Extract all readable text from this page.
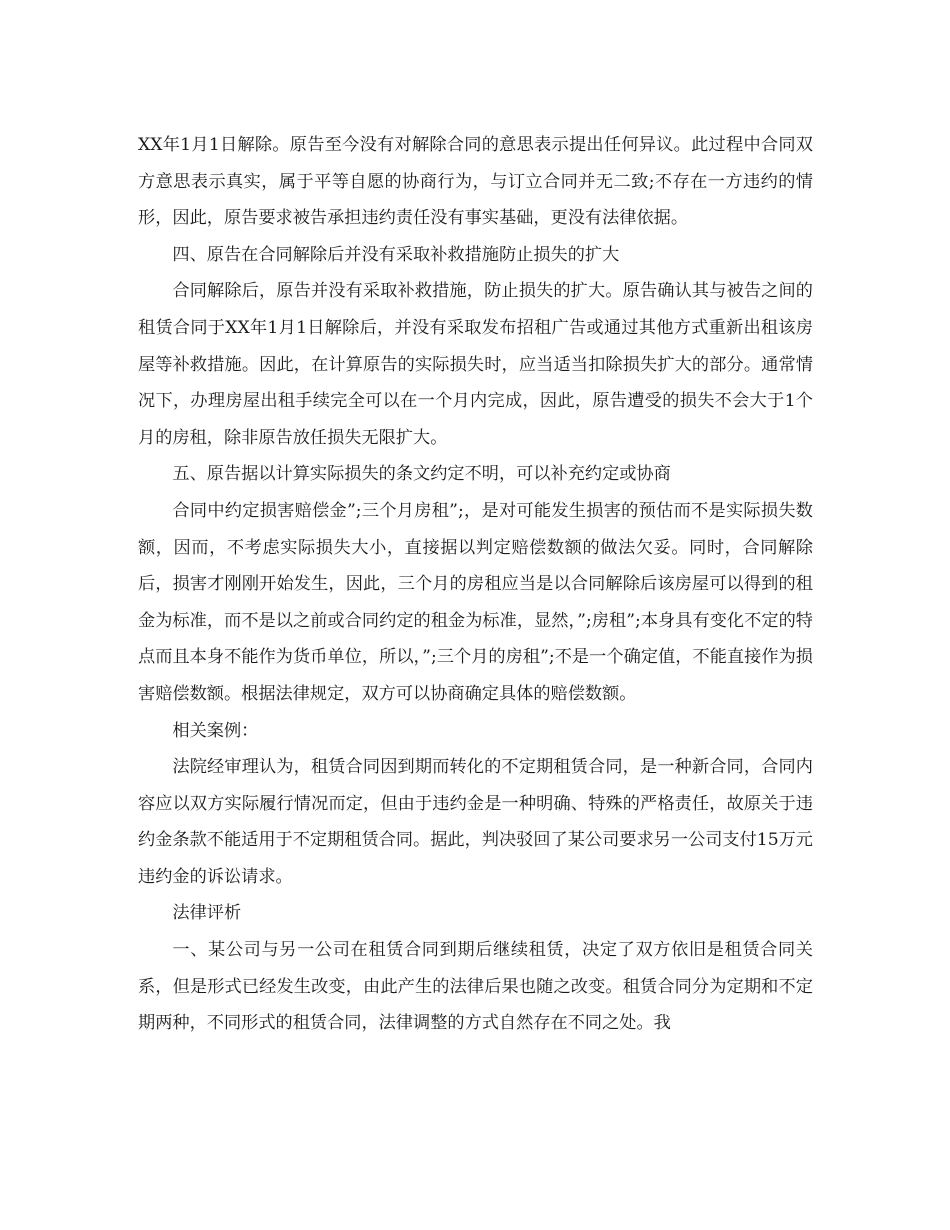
XX年1月1日解除。原告至今没有对解除合同的意思表示提出任何异议。此过程中合同双方意思表示真实，属于平等自愿的协商行为，与订立合同并无二致;不存在一方违约的情形，因此，原告要求被告承担违约责任没有事实基础，更没有法律依据。

四、原告在合同解除后并没有采取补救措施防止损失的扩大

合同解除后，原告并没有采取补救措施，防止损失的扩大。原告确认其与被告之间的租赁合同于XX年1月1日解除后，并没有采取发布招租广告或通过其他方式重新出租该房屋等补救措施。因此，在计算原告的实际损失时，应当适当扣除损失扩大的部分。通常情况下，办理房屋出租手续完全可以在一个月内完成，因此，原告遭受的损失不会大于1个月的房租，除非原告放任损失无限扩大。

五、原告据以计算实际损失的条文约定不明，可以补充约定或协商

合同中约定损害赔偿金”;三个月房租”;，是对可能发生损害的预估而不是实际损失数额，因而，不考虑实际损失大小，直接据以判定赔偿数额的做法欠妥。同时，合同解除后，损害才刚刚开始发生，因此，三个月的房租应当是以合同解除后该房屋可以得到的租金为标准，而不是以之前或合同约定的租金为标准，显然，”;房租”;本身具有变化不定的特点而且本身不能作为货币单位，所以，”;三个月的房租”;不是一个确定值，不能直接作为损害赔偿数额。根据法律规定，双方可以协商确定具体的赔偿数额。

相关案例：

法院经审理认为，租赁合同因到期而转化的不定期租赁合同，是一种新合同，合同内容应以双方实际履行情况而定，但由于违约金是一种明确、特殊的严格责任，故原关于违约金条款不能适用于不定期租赁合同。据此，判决驳回了某公司要求另一公司支付15万元违约金的诉讼请求。

法律评析

一、某公司与另一公司在租赁合同到期后继续租赁，决定了双方依旧是租赁合同关系，但是形式已经发生改变，由此产生的法律后果也随之改变。租赁合同分为定期和不定期两种，不同形式的租赁合同，法律调整的方式自然存在不同之处。我
